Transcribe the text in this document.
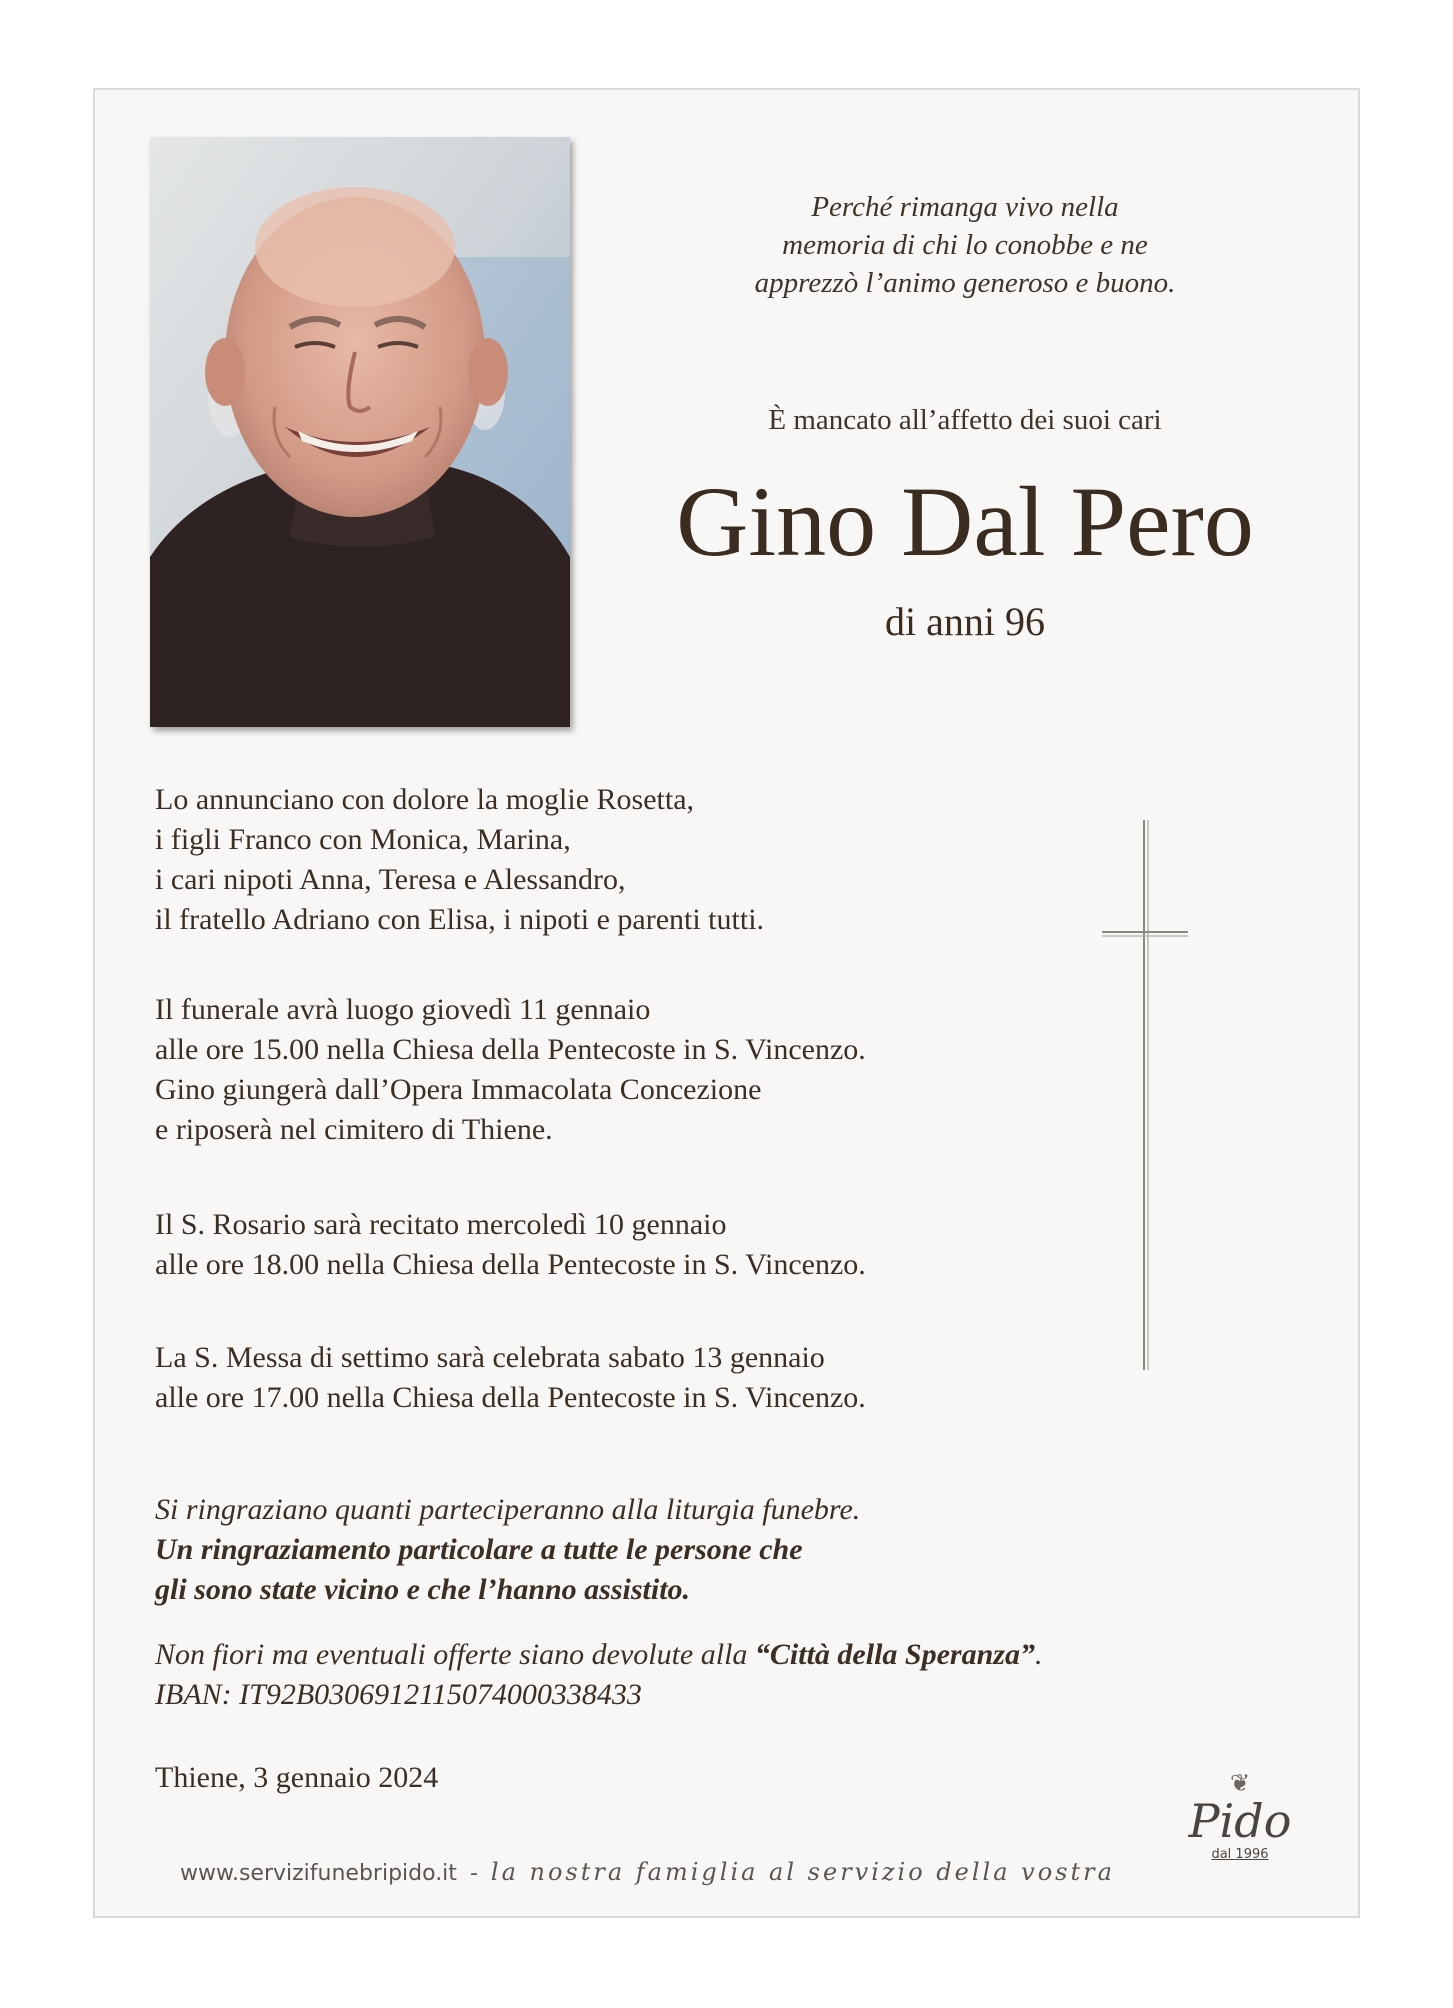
Perché rimanga vivo nella
memoria di chi lo conobbe e ne
apprezzò l’animo generoso e buono.
È mancato all’affetto dei suoi cari
Gino Dal Pero
di anni 96
Lo annunciano con dolore la moglie Rosetta,
i figli Franco con Monica, Marina,
i cari nipoti Anna, Teresa e Alessandro,
il fratello Adriano con Elisa, i nipoti e parenti tutti.
Il funerale avrà luogo giovedì 11 gennaio
alle ore 15.00 nella Chiesa della Pentecoste in S. Vincenzo.
Gino giungerà dall’Opera Immacolata Concezione
e riposerà nel cimitero di Thiene.
Il S. Rosario sarà recitato mercoledì 10 gennaio
alle ore 18.00 nella Chiesa della Pentecoste in S. Vincenzo.
La S. Messa di settimo sarà celebrata sabato 13 gennaio
alle ore 17.00 nella Chiesa della Pentecoste in S. Vincenzo.
Si ringraziano quanti parteciperanno alla liturgia funebre.
Un ringraziamento particolare a tutte le persone che
gli sono state vicino e che l’hanno assistito.
Non fiori ma eventuali offerte siano devolute alla “Città della Speranza”.
IBAN: IT92B0306912115074000338433
Thiene, 3 gennaio 2024
www.servizifunebripido.it - la nostra famiglia al servizio della vostra
❦
Pido
dal 1996
